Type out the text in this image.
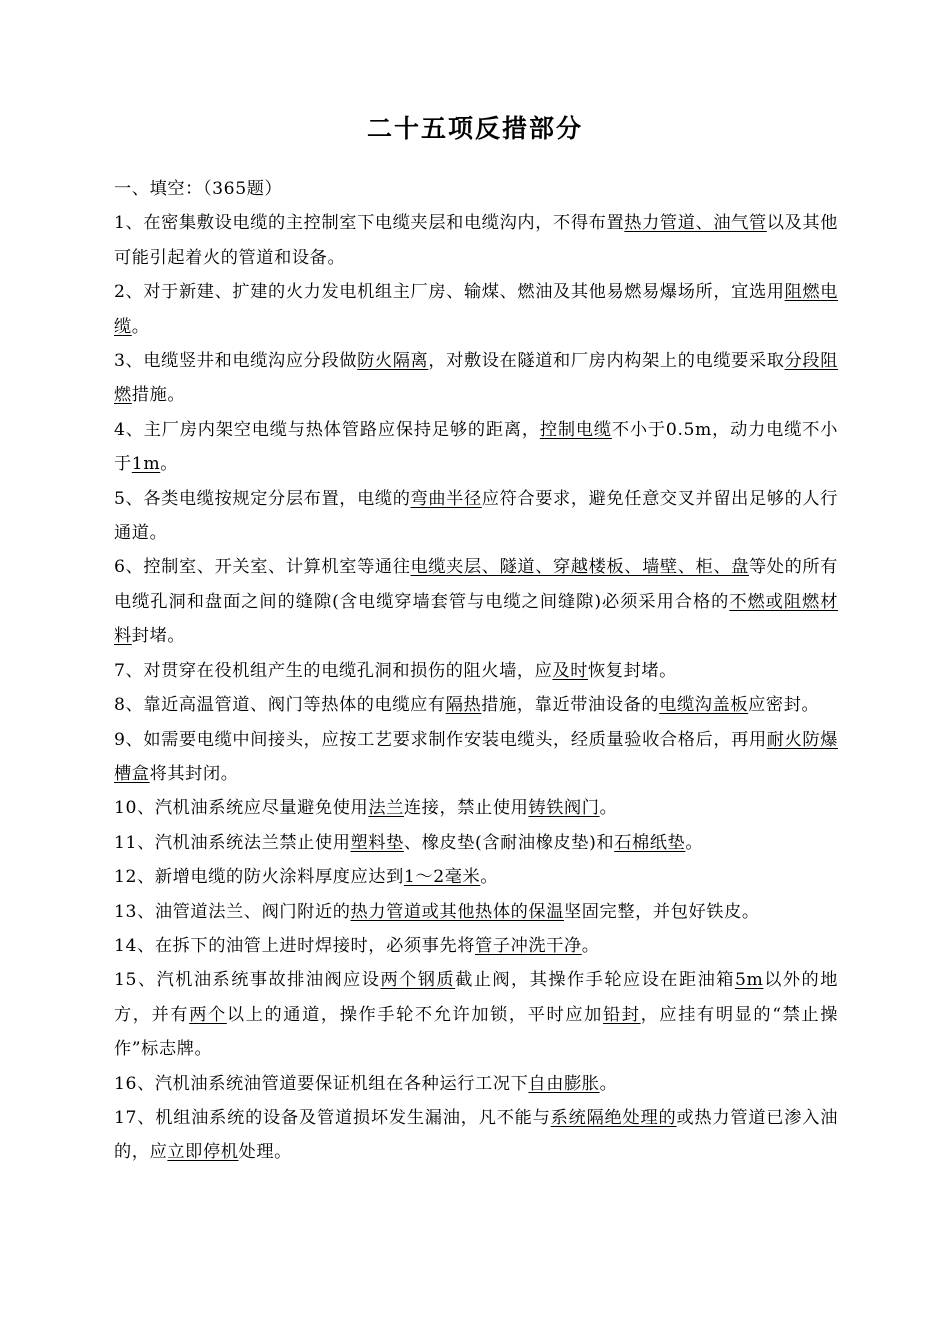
二十五项反措部分

一、填空：（365题）

1、在密集敷设电缆的主控制室下电缆夹层和电缆沟内，不得布置热力管道、油气管以及其他可能引起着火的管道和设备。

2、对于新建、扩建的火力发电机组主厂房、输煤、燃油及其他易燃易爆场所，宜选用阻燃电缆。

3、电缆竖井和电缆沟应分段做防火隔离，对敷设在隧道和厂房内构架上的电缆要采取分段阻燃措施。

4、主厂房内架空电缆与热体管路应保持足够的距离，控制电缆不小于0.5m，动力电缆不小于1m。

5、各类电缆按规定分层布置，电缆的弯曲半径应符合要求，避免任意交叉并留出足够的人行通道。

6、控制室、开关室、计算机室等通往电缆夹层、隧道、穿越楼板、墙壁、柜、盘等处的所有电缆孔洞和盘面之间的缝隙(含电缆穿墙套管与电缆之间缝隙)必须采用合格的不燃或阻燃材料封堵。

7、对贯穿在役机组产生的电缆孔洞和损伤的阻火墙，应及时恢复封堵。

8、靠近高温管道、阀门等热体的电缆应有隔热措施，靠近带油设备的电缆沟盖板应密封。

9、如需要电缆中间接头，应按工艺要求制作安装电缆头，经质量验收合格后，再用耐火防爆槽盒将其封闭。

10、汽机油系统应尽量避免使用法兰连接，禁止使用铸铁阀门。

11、汽机油系统法兰禁止使用塑料垫、橡皮垫(含耐油橡皮垫)和石棉纸垫。

12、新增电缆的防火涂料厚度应达到1～2毫米。

13、油管道法兰、阀门附近的热力管道或其他热体的保温坚固完整，并包好铁皮。

14、在拆下的油管上进时焊接时，必须事先将管子冲洗干净。

15、汽机油系统事故排油阀应设两个钢质截止阀，其操作手轮应设在距油箱5m以外的地方，并有两个以上的通道，操作手轮不允许加锁，平时应加铅封，应挂有明显的“禁止操作”标志牌。

16、汽机油系统油管道要保证机组在各种运行工况下自由膨胀。

17、机组油系统的设备及管道损坏发生漏油，凡不能与系统隔绝处理的或热力管道已渗入油的，应立即停机处理。
